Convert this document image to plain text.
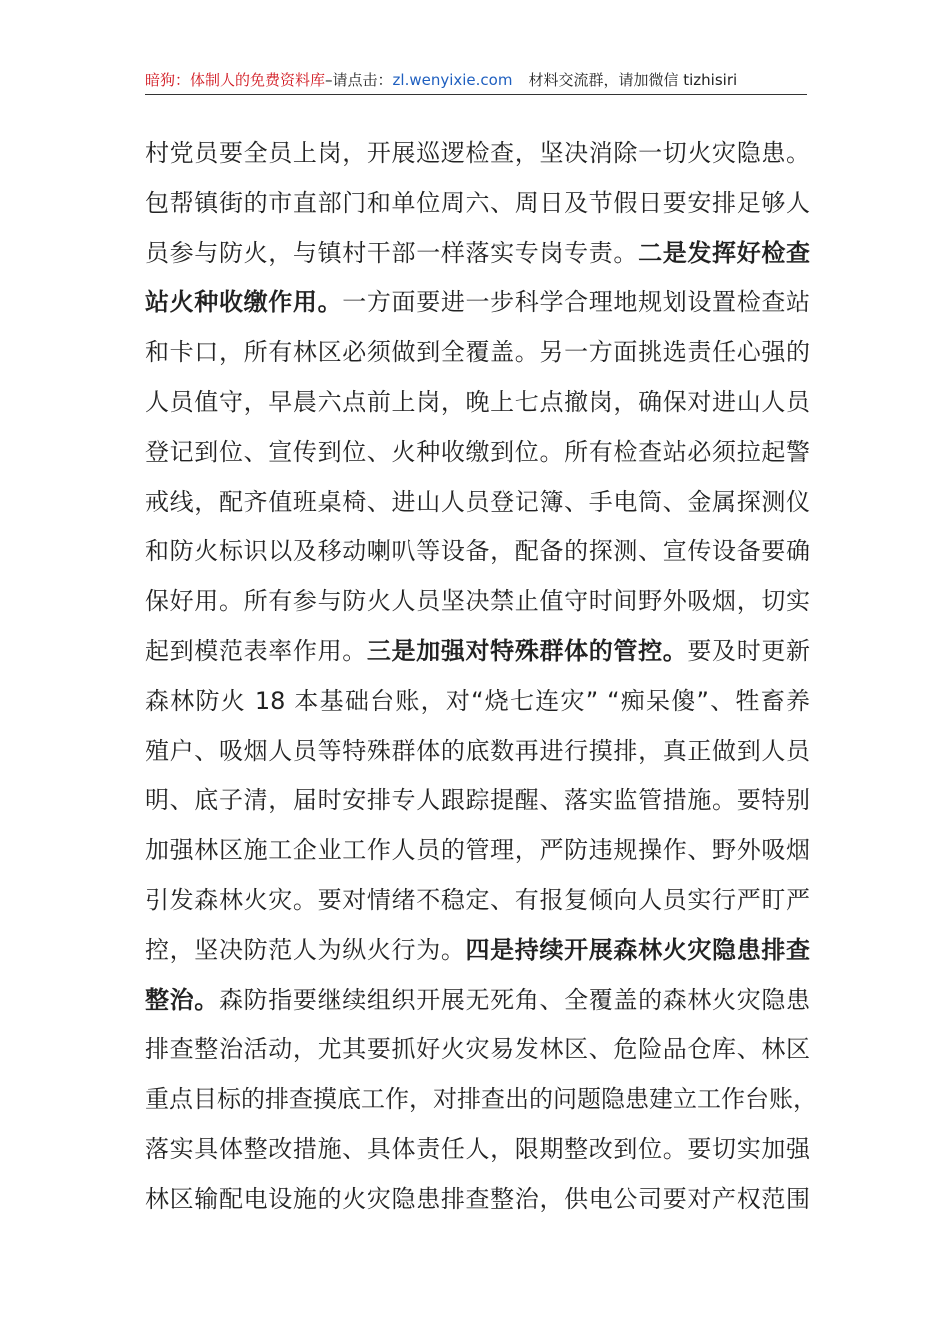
暗狗：体制人的免费资料库–请点击：zl.wenyixie.com 材料交流群，请加微信 tizhisiri
村党员要全员上岗，开展巡逻检查，坚决消除一切火灾隐患。
包帮镇街的市直部门和单位周六、周日及节假日要安排足够人
员参与防火，与镇村干部一样落实专岗专责。二是发挥好检查
站火种收缴作用。一方面要进一步科学合理地规划设置检查站
和卡口，所有林区必须做到全覆盖。另一方面挑选责任心强的
人员值守，早晨六点前上岗，晚上七点撤岗，确保对进山人员
登记到位、宣传到位、火种收缴到位。所有检查站必须拉起警
戒线，配齐值班桌椅、进山人员登记簿、手电筒、金属探测仪
和防火标识以及移动喇叭等设备，配备的探测、宣传设备要确
保好用。所有参与防火人员坚决禁止值守时间野外吸烟，切实
起到模范表率作用。三是加强对特殊群体的管控。要及时更新
森林防火 18 本基础台账，对“烧七连灾” “痴呆傻”、牲畜养
殖户、吸烟人员等特殊群体的底数再进行摸排，真正做到人员
明、底子清，届时安排专人跟踪提醒、落实监管措施。要特别
加强林区施工企业工作人员的管理，严防违规操作、野外吸烟
引发森林火灾。要对情绪不稳定、有报复倾向人员实行严盯严
控，坚决防范人为纵火行为。四是持续开展森林火灾隐患排查
整治。森防指要继续组织开展无死角、全覆盖的森林火灾隐患
排查整治活动，尤其要抓好火灾易发林区、危险品仓库、林区
重点目标的排查摸底工作，对排查出的问题隐患建立工作台账，
落实具体整改措施、具体责任人，限期整改到位。要切实加强
林区输配电设施的火灾隐患排查整治，供电公司要对产权范围
